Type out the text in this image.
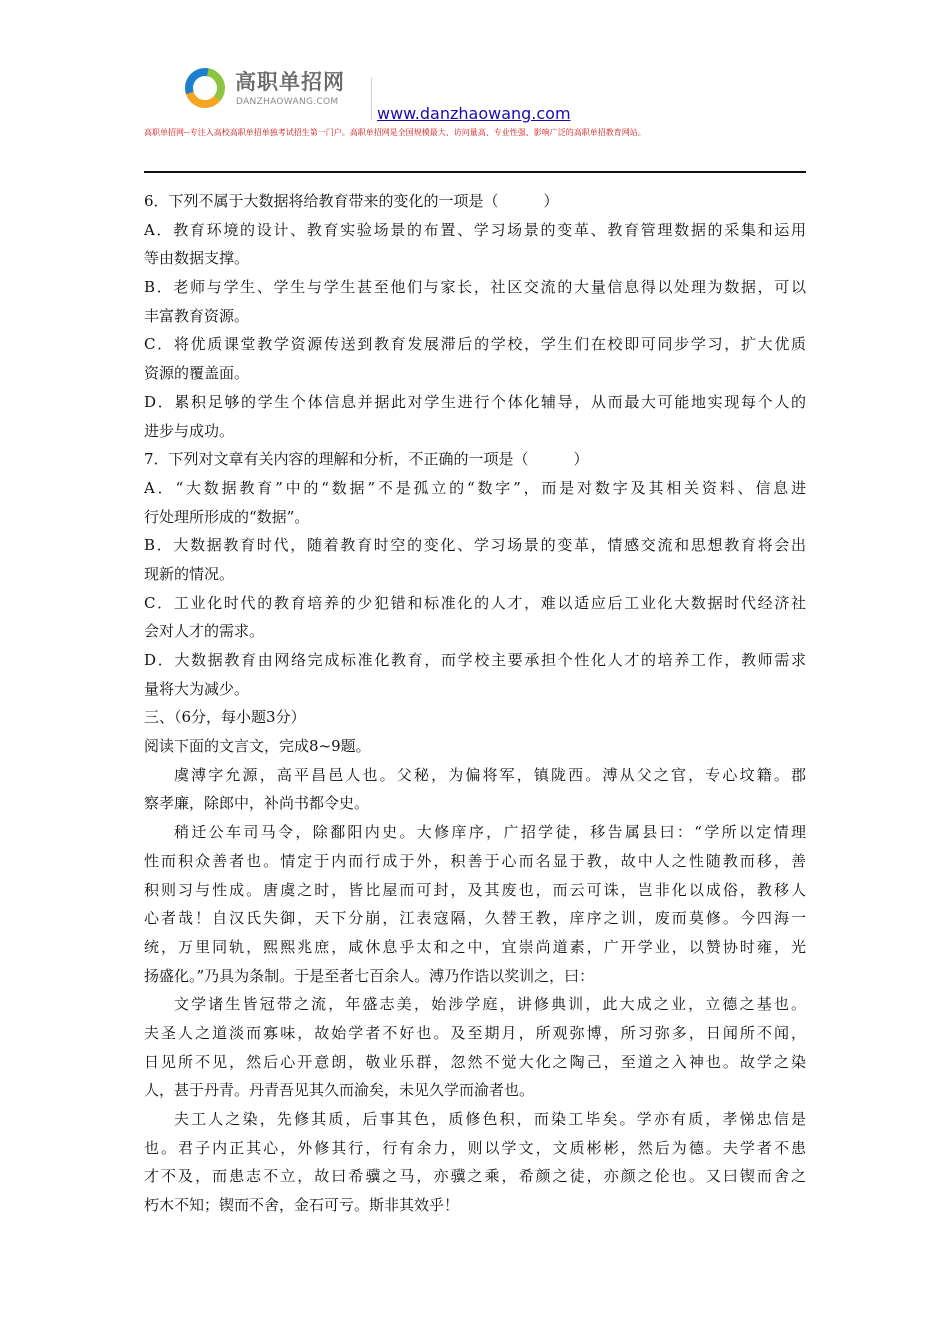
高职单招网
DANZHAOWANG.COM
www.danzhaowang.com
高职单招网--专注入高校高职单招单独考试招生第一门户。高职单招网是全国规模最大、访问量高、专业性强、影响广泛的高职单招教育网站。
6．下列不属于大数据将给教育带来的变化的一项是（　　　）
A．教育环境的设计、教育实验场景的布置、学习场景的变革、教育管理数据的采集和运用
等由数据支撑。
B．老师与学生、学生与学生甚至他们与家长，社区交流的大量信息得以处理为数据，可以
丰富教育资源。
C．将优质课堂教学资源传送到教育发展滞后的学校，学生们在校即可同步学习，扩大优质
资源的覆盖面。
D．累积足够的学生个体信息并据此对学生进行个体化辅导，从而最大可能地实现每个人的
进步与成功。
7．下列对文章有关内容的理解和分析，不正确的一项是（　　　）
A．“大数据教育”中的“数据”不是孤立的“数字”，而是对数字及其相关资料、信息进
行处理所形成的“数据”。
B．大数据教育时代，随着教育时空的变化、学习场景的变革，情感交流和思想教育将会出
现新的情况。
C．工业化时代的教育培养的少犯错和标准化的人才，难以适应后工业化大数据时代经济社
会对人才的需求。
D．大数据教育由网络完成标准化教育，而学校主要承担个性化人才的培养工作，教师需求
量将大为减少。
三、（6分，每小题3分）
阅读下面的文言文，完成8~9题。
虞溥字允源，高平昌邑人也。父秘，为偏将军，镇陇西。溥从父之官，专心坟籍。郡
察孝廉，除郎中，补尚书都令史。
稍迁公车司马令，除鄱阳内史。大修庠序，广招学徒，移告属县曰：“学所以定情理
性而积众善者也。情定于内而行成于外，积善于心而名显于教，故中人之性随教而移，善
积则习与性成。唐虞之时，皆比屋而可封，及其废也，而云可诛，岂非化以成俗，教移人
心者哉！自汉氏失御，天下分崩，江表寇隔，久替王教，庠序之训，废而莫修。今四海一
统，万里同轨，熙熙兆庶，咸休息乎太和之中，宜崇尚道素，广开学业，以赞协时雍，光
扬盛化。”乃具为条制。于是至者七百余人。溥乃作诰以奖训之，曰：
文学诸生皆冠带之流，年盛志美，始涉学庭，讲修典训，此大成之业，立德之基也。
夫圣人之道淡而寡味，故始学者不好也。及至期月，所观弥博，所习弥多，日闻所不闻，
日见所不见，然后心开意朗，敬业乐群，忽然不觉大化之陶己，至道之入神也。故学之染
人，甚于丹青。丹青吾见其久而渝矣，未见久学而渝者也。
夫工人之染，先修其质，后事其色，质修色积，而染工毕矣。学亦有质，孝悌忠信是
也。君子内正其心，外修其行，行有余力，则以学文，文质彬彬，然后为德。夫学者不患
才不及，而患志不立，故曰希骥之马，亦骥之乘，希颜之徒，亦颜之伦也。又曰锲而舍之
朽木不知；锲而不舍，金石可亏。斯非其效乎！
